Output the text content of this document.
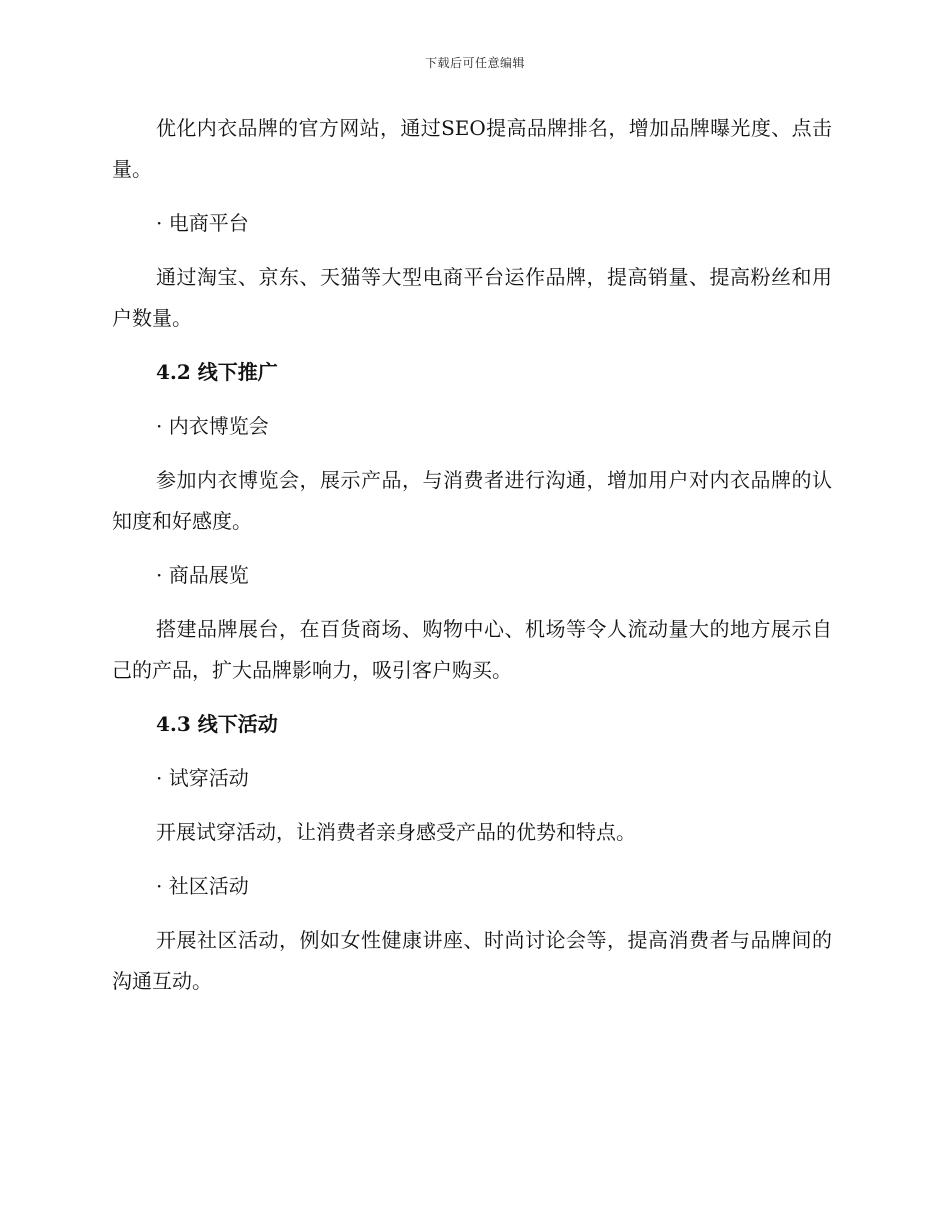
下载后可任意编辑

优化内衣品牌的官方网站，通过SEO提高品牌排名，增加品牌曝光度、点击量。

· 电商平台

通过淘宝、京东、天猫等大型电商平台运作品牌，提高销量、提高粉丝和用户数量。

4.2 线下推广

· 内衣博览会

参加内衣博览会，展示产品，与消费者进行沟通，增加用户对内衣品牌的认知度和好感度。

· 商品展览

搭建品牌展台，在百货商场、购物中心、机场等令人流动量大的地方展示自己的产品，扩大品牌影响力，吸引客户购买。

4.3 线下活动

· 试穿活动

开展试穿活动，让消费者亲身感受产品的优势和特点。

· 社区活动

开展社区活动，例如女性健康讲座、时尚讨论会等，提高消费者与品牌间的沟通互动。
